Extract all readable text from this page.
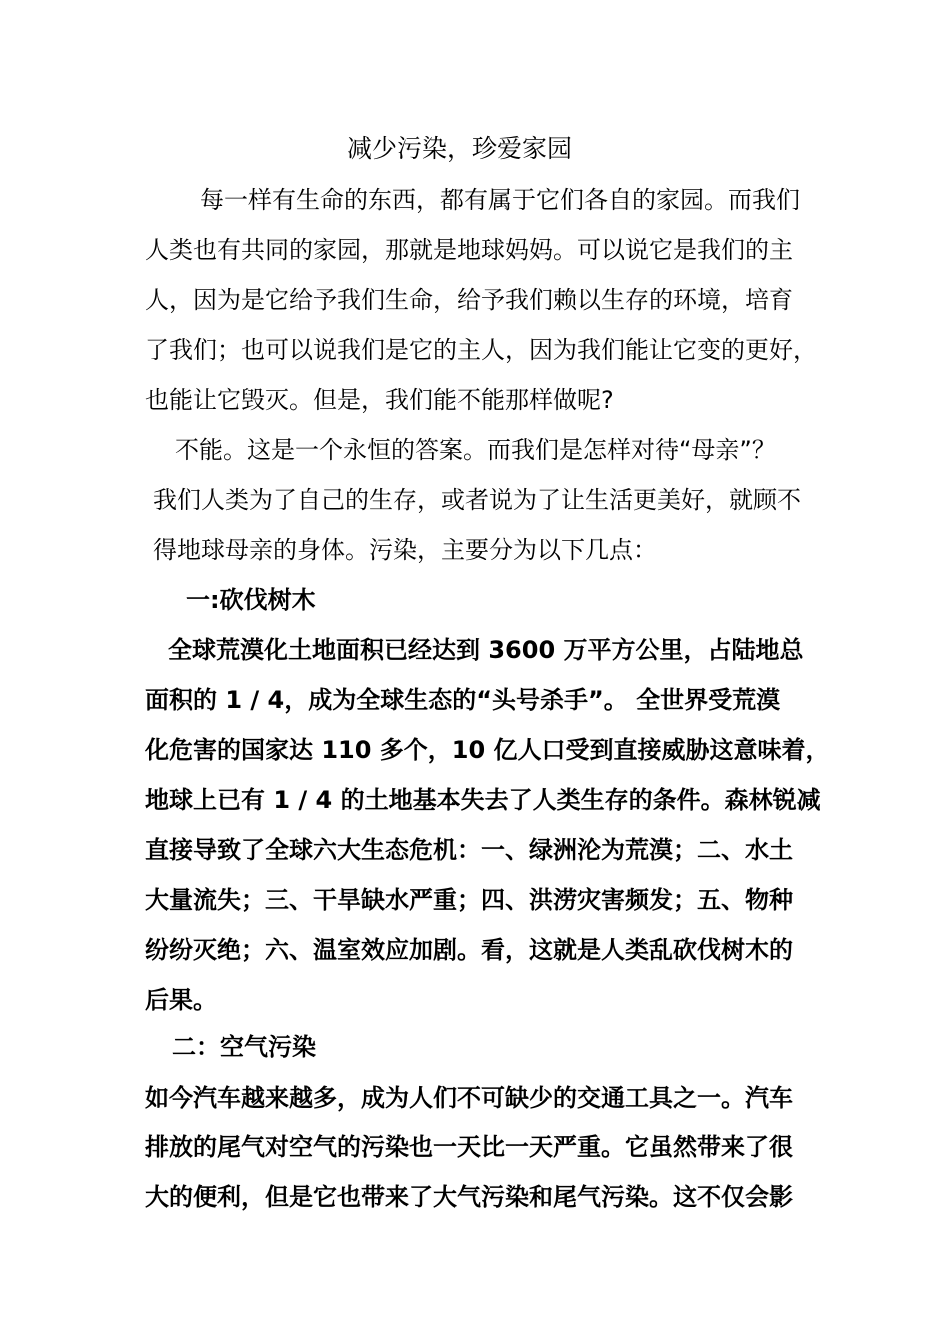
减少污染，珍爱家园
每一样有生命的东西，都有属于它们各自的家园。而我们
人类也有共同的家园，那就是地球妈妈。可以说它是我们的主
人，因为是它给予我们生命，给予我们赖以生存的环境，培育
了我们；也可以说我们是它的主人，因为我们能让它变的更好，
也能让它毁灭。但是，我们能不能那样做呢?
不能。这是一个永恒的答案。而我们是怎样对待“母亲”？
我们人类为了自己的生存，或者说为了让生活更美好，就顾不
得地球母亲的身体。污染，主要分为以下几点：
一:砍伐树木
全球荒漠化土地面积已经达到 3600 万平方公里，占陆地总
面积的 1 / 4，成为全球生态的“头号杀手”。 全世界受荒漠
化危害的国家达 110 多个，10 亿人口受到直接威胁这意味着，
地球上已有 1 / 4 的土地基本失去了人类生存的条件。森林锐减
直接导致了全球六大生态危机：一、绿洲沦为荒漠；二、水土
大量流失；三、干旱缺水严重；四、洪涝灾害频发；五、物种
纷纷灭绝；六、温室效应加剧。看，这就是人类乱砍伐树木的
后果。
二：空气污染
如今汽车越来越多，成为人们不可缺少的交通工具之一。汽车
排放的尾气对空气的污染也一天比一天严重。它虽然带来了很
大的便利，但是它也带来了大气污染和尾气污染。这不仅会影
